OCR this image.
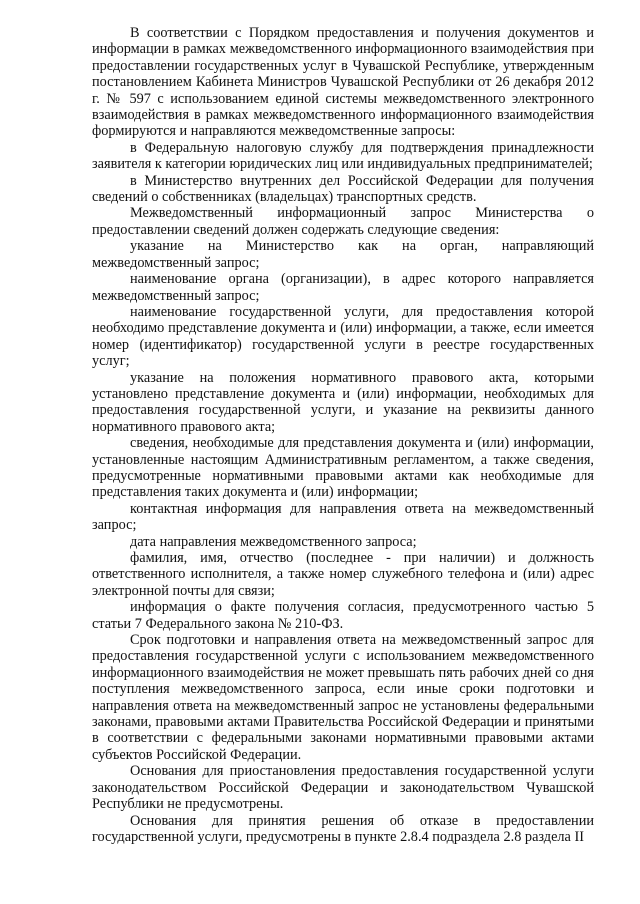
В соответствии с Порядком предоставления и получения документов и информации в рамках межведомственного информационного взаимодействия при предоставлении государственных услуг в Чувашской Республике, утвержденным постановлением Кабинета Министров Чувашской Республики от 26 декабря 2012 г. № 597 с использованием единой системы межведомственного электронного взаимодействия в рамках межведомственного информационного взаимодействия формируются и направляются межведомственные запросы:

в Федеральную налоговую службу для подтверждения принадлежности заявителя к категории юридических лиц или индивидуальных предпринимателей;

в Министерство внутренних дел Российской Федерации для получения сведений о собственниках (владельцах) транспортных средств.

Межведомственный информационный запрос Министерства о предоставлении сведений должен содержать следующие сведения:

указание на Министерство как на орган, направляющий межведомственный запрос;

наименование органа (организации), в адрес которого направляется межведомственный запрос;

наименование государственной услуги, для предоставления которой необходимо представление документа и (или) информации, а также, если имеется номер (идентификатор) государственной услуги в реестре государственных услуг;

указание на положения нормативного правового акта, которыми установлено представление документа и (или) информации, необходимых для предоставления государственной услуги, и указание на реквизиты данного нормативного правового акта;

сведения, необходимые для представления документа и (или) информации, установленные настоящим Административным регламентом, а также сведения, предусмотренные нормативными правовыми актами как необходимые для представления таких документа и (или) информации;

контактная информация для направления ответа на межведомственный запрос;

дата направления межведомственного запроса;

фамилия, имя, отчество (последнее - при наличии) и должность ответственного исполнителя, а также номер служебного телефона и (или) адрес электронной почты для связи;

информация о факте получения согласия, предусмотренного частью 5 статьи 7 Федерального закона № 210-ФЗ.

Срок подготовки и направления ответа на межведомственный запрос для предоставления государственной услуги с использованием межведомственного информационного взаимодействия не может превышать пять рабочих дней со дня поступления межведомственного запроса, если иные сроки подготовки и направления ответа на межведомственный запрос не установлены федеральными законами, правовыми актами Правительства Российской Федерации и принятыми в соответствии с федеральными законами нормативными правовыми актами субъектов Российской Федерации.

Основания для приостановления предоставления государственной услуги законодательством Российской Федерации и законодательством Чувашской Республики не предусмотрены.

Основания для принятия решения об отказе в предоставлении государственной услуги, предусмотрены в пункте 2.8.4 подраздела 2.8 раздела II
